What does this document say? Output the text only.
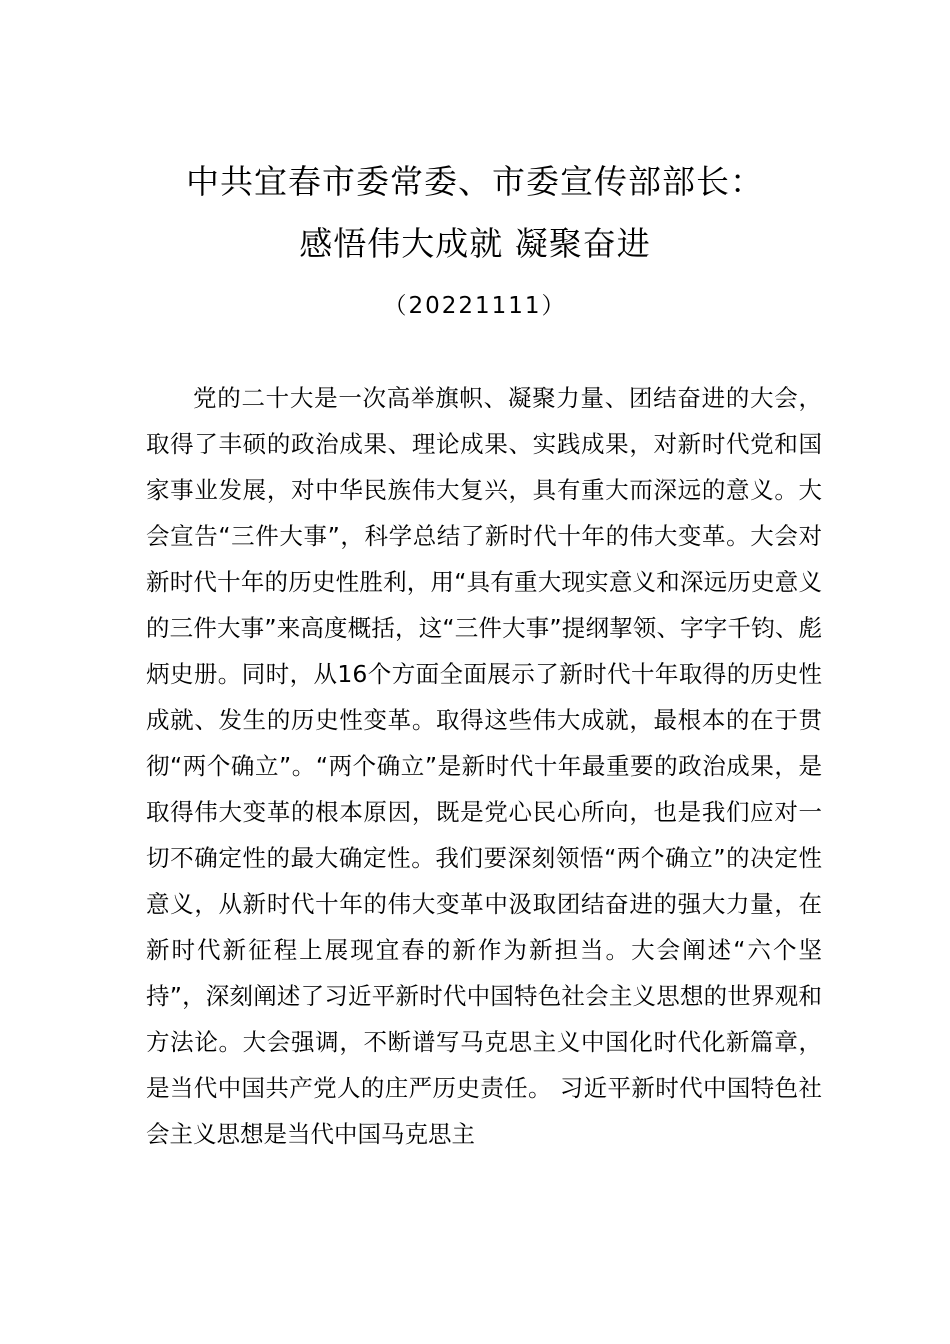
中共宜春市委常委、市委宣传部部长：
感悟伟大成就 凝聚奋进
（20221111）

党的二十大是一次高举旗帜、凝聚力量、团结奋进的大会，取得了丰硕的政治成果、理论成果、实践成果，对新时代党和国家事业发展，对中华民族伟大复兴，具有重大而深远的意义。大会宣告“三件大事”，科学总结了新时代十年的伟大变革。大会对新时代十年的历史性胜利，用“具有重大现实意义和深远历史意义的三件大事”来高度概括，这“三件大事”提纲挈领、字字千钧、彪炳史册。同时，从16个方面全面展示了新时代十年取得的历史性成就、发生的历史性变革。取得这些伟大成就，最根本的在于贯彻“两个确立”。“两个确立”是新时代十年最重要的政治成果，是取得伟大变革的根本原因，既是党心民心所向，也是我们应对一切不确定性的最大确定性。我们要深刻领悟“两个确立”的决定性意义，从新时代十年的伟大变革中汲取团结奋进的强大力量，在新时代新征程上展现宜春的新作为新担当。大会阐述“六个坚持”，深刻阐述了习近平新时代中国特色社会主义思想的世界观和方法论。大会强调，不断谱写马克思主义中国化时代化新篇章，是当代中国共产党人的庄严历史责任。 习近平新时代中国特色社会主义思想是当代中国马克思主
